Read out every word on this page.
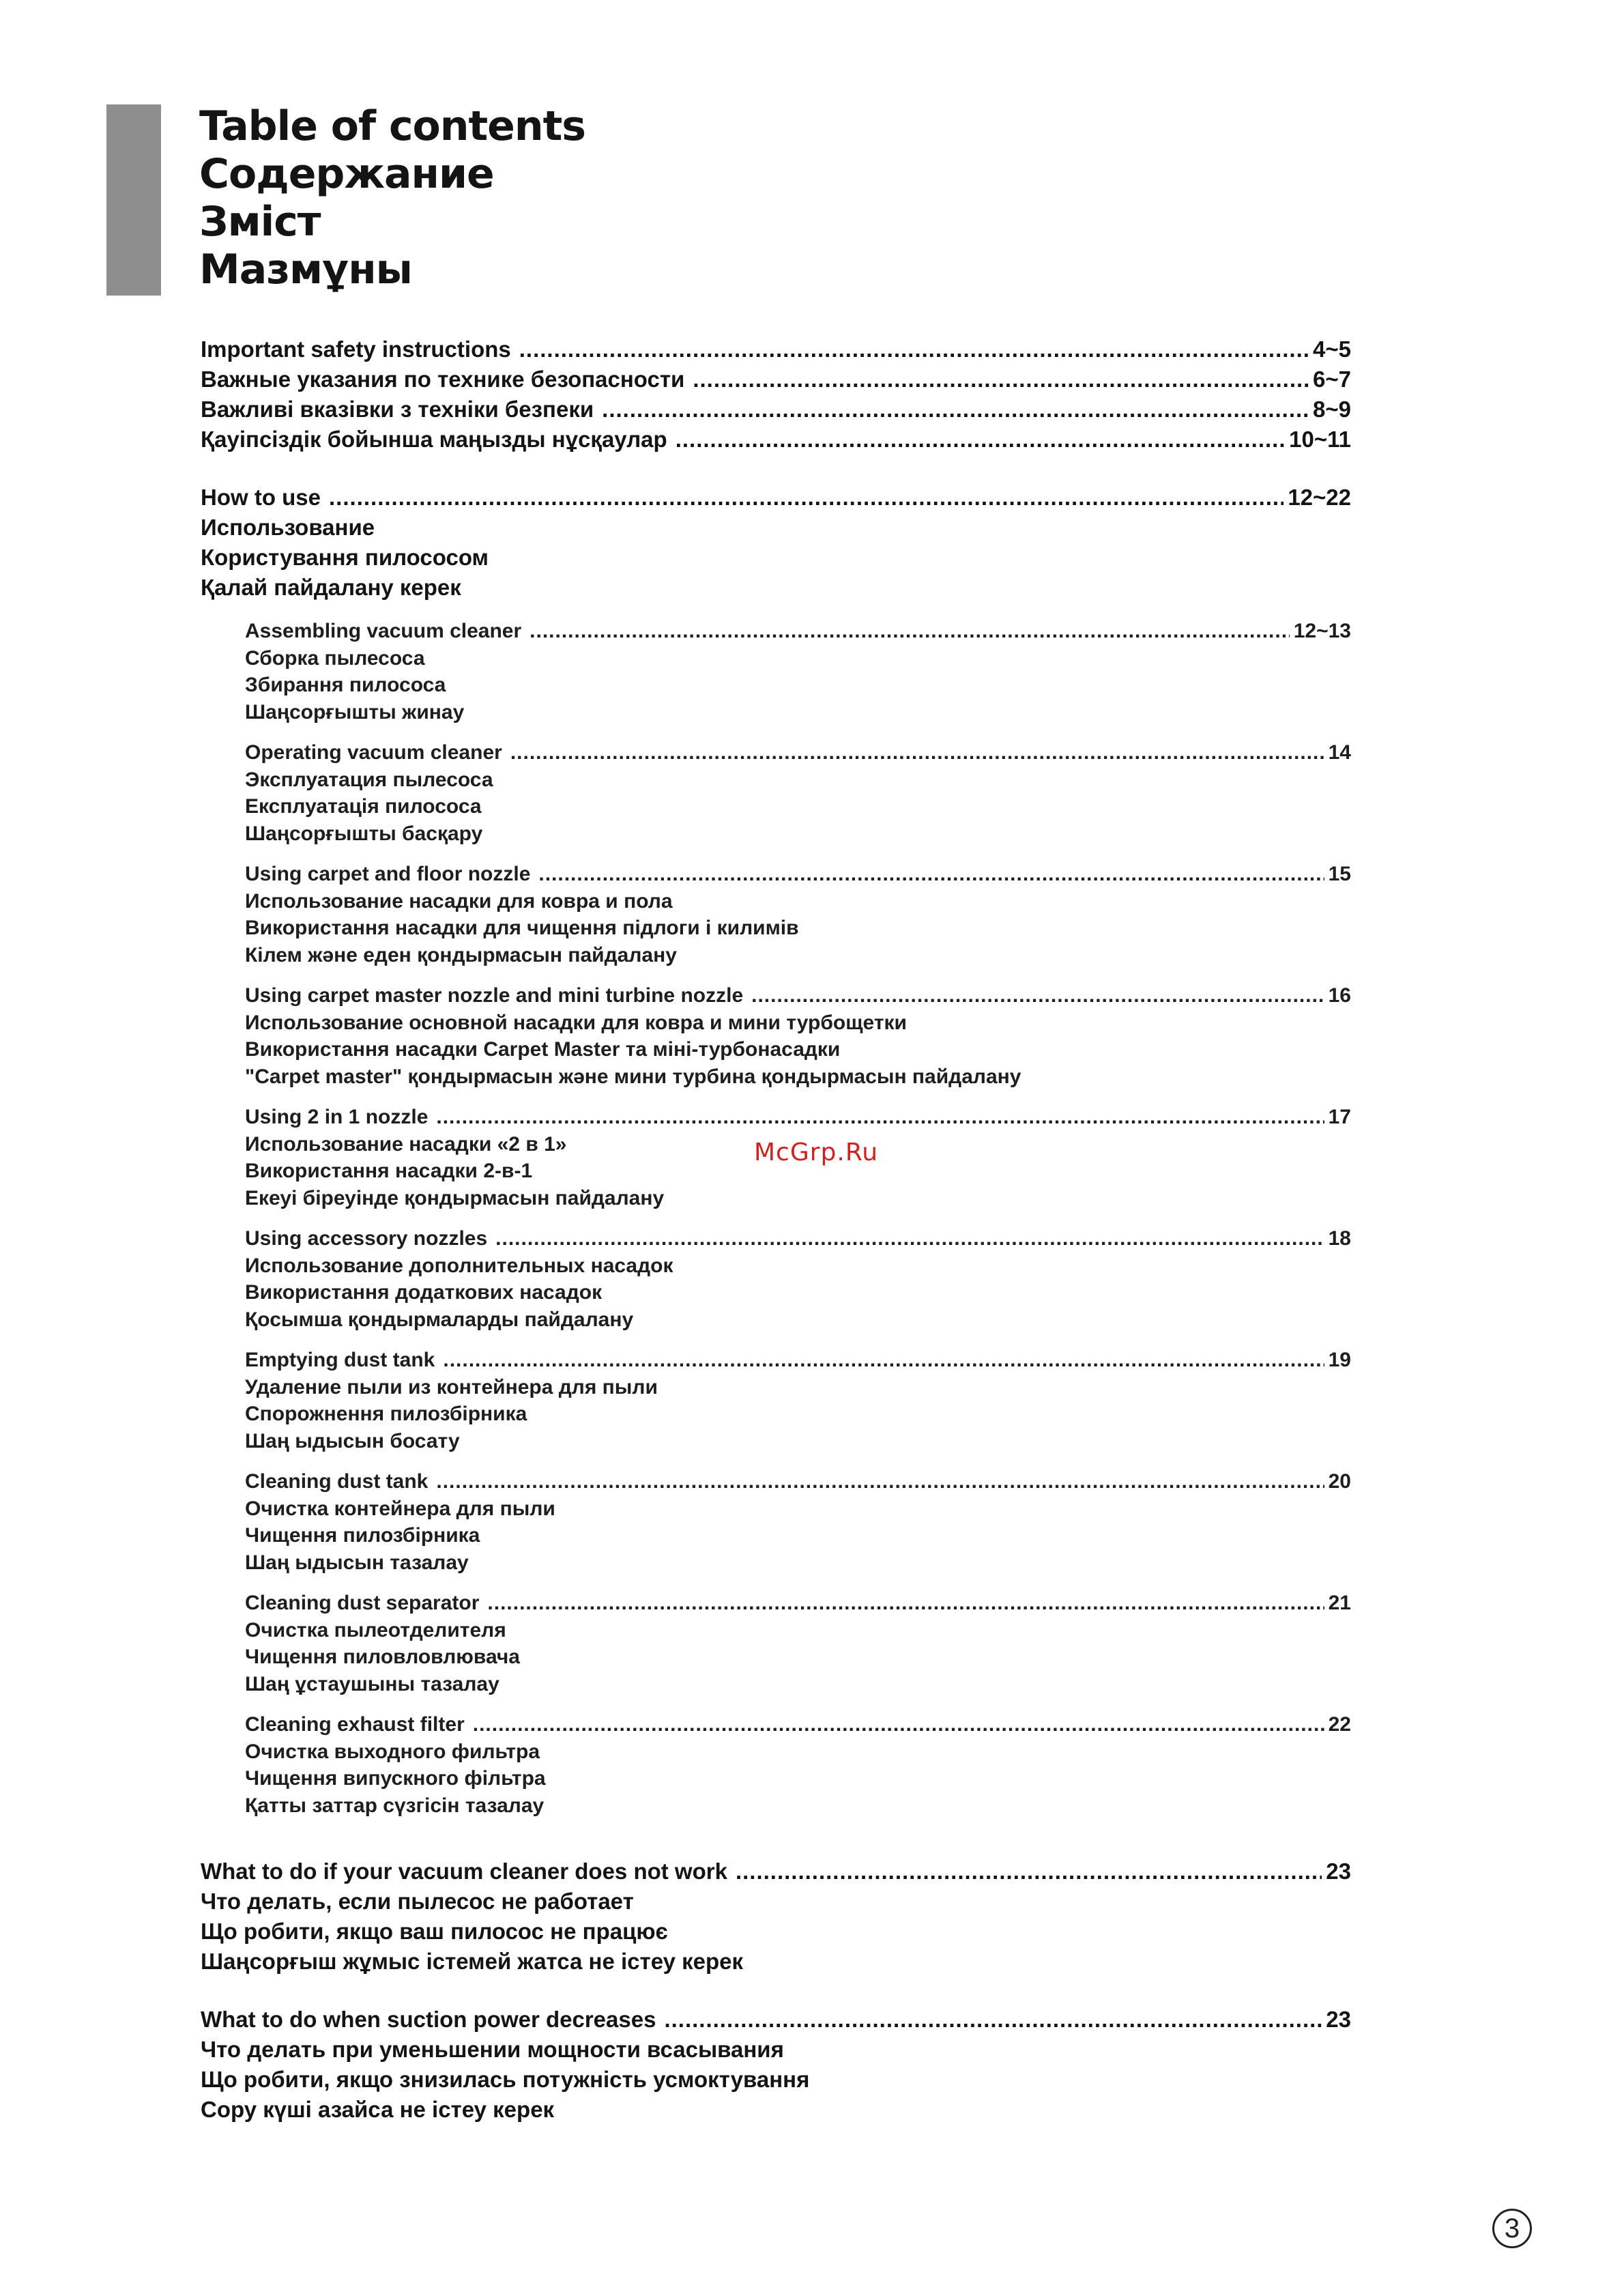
Table of contents
Содержание
Зміст
Мазмұны
Important safety instructions .....	4~5
Важные указания по технике безопасности .....	6~7
Важливі вказівки з техніки безпеки .....	8~9
Қауіпсіздік бойынша маңызды нұсқаулар .....	10~11
How to use .....	12~22
Использование
Користування пилососом
Қалай пайдалану керек
Assembling vacuum cleaner .....	12~13
Сборка пылесоса
Збирання пилососа
Шаңсорғышты жинау
Operating vacuum cleaner .....	14
Эксплуатация пылесоса
Експлуатація пилососа
Шаңсорғышты басқару
Using carpet and floor nozzle .....	15
Использование насадки для ковра и пола
Використання насадки для чищення підлоги і килимів
Кілем және еден қондырмасын пайдалану
Using carpet master nozzle and mini turbine nozzle .....	16
Использование основной насадки для ковра и мини турбощетки
Використання насадки Carpet Master та міні-турбонасадки
"Carpet master" қондырмасын және мини турбина қондырмасын пайдалану
Using 2 in 1 nozzle .....	17
Использование насадки «2 в 1»
Використання насадки 2-в-1
Екеуі біреуінде қондырмасын пайдалану
Using accessory nozzles .....	18
Использование дополнительных насадок
Використання додаткових насадок
Қосымша қондырмаларды пайдалану
Emptying dust tank .....	19
Удаление пыли из контейнера для пыли
Спорожнення пилозбірника
Шаң ыдысын босату
Cleaning dust tank .....	20
Очистка контейнера для пыли
Чищення пилозбірника
Шаң ыдысын тазалау
Cleaning dust separator .....	21
Очистка пылеотделителя
Чищення пиловловлювача
Шаң ұстаушыны тазалау
Cleaning exhaust filter .....	22
Очистка выходного фильтра
Чищення випускного фільтра
Қатты заттар сүзгісін тазалау
What to do if your vacuum cleaner does not work .....	23
Что делать, если пылесос не работает
Що робити, якщо ваш пилосос не працює
Шаңсорғыш жұмыс істемей жатса не істеу керек
What to do when suction power decreases .....	23
Что делать при уменьшении мощности всасывания
Що робити, якщо знизилась потужність усмоктування
Сору күші азайса не істеу керек
McGrp.Ru
3
